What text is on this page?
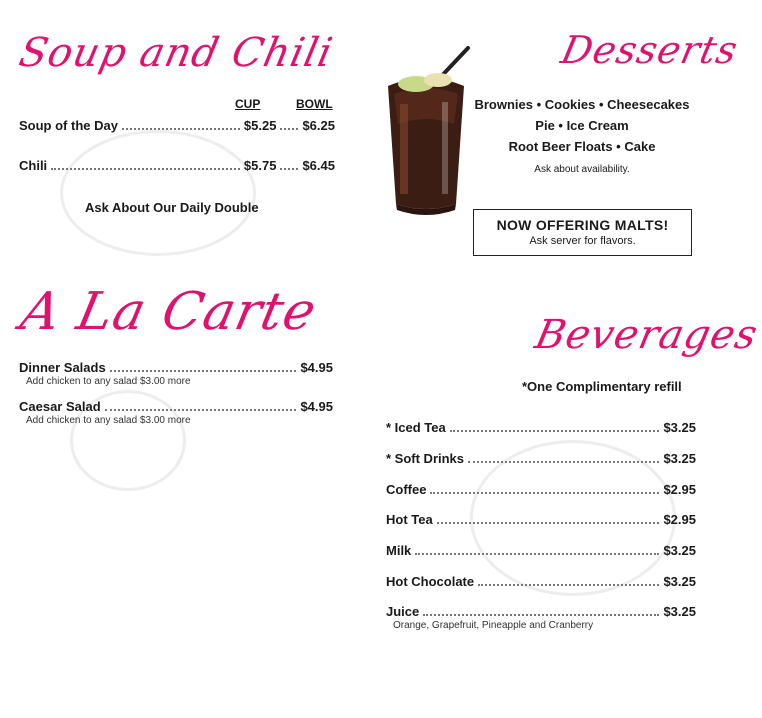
Soup and Chili
CUP	BOWL
Soup of the Day	$5.25 $6.25
Chili	$5.75 $6.45
Ask About Our Daily Double
Desserts
Brownies • Cookies • Cheesecakes
Pie • Ice Cream
Root Beer Floats • Cake
Ask about availability.
NOW OFFERING MALTS!
Ask server for flavors.
A La Carte
Dinner Salads	$4.95
Add chicken to any salad $3.00 more
Caesar Salad	$4.95
Add chicken to any salad $3.00 more
Beverages
*One Complimentary refill
* Iced Tea	$3.25
* Soft Drinks	$3.25
Coffee	$2.95
Hot Tea	$2.95
Milk	$3.25
Hot Chocolate	$3.25
Juice	$3.25
Orange, Grapefruit, Pineapple and Cranberry
